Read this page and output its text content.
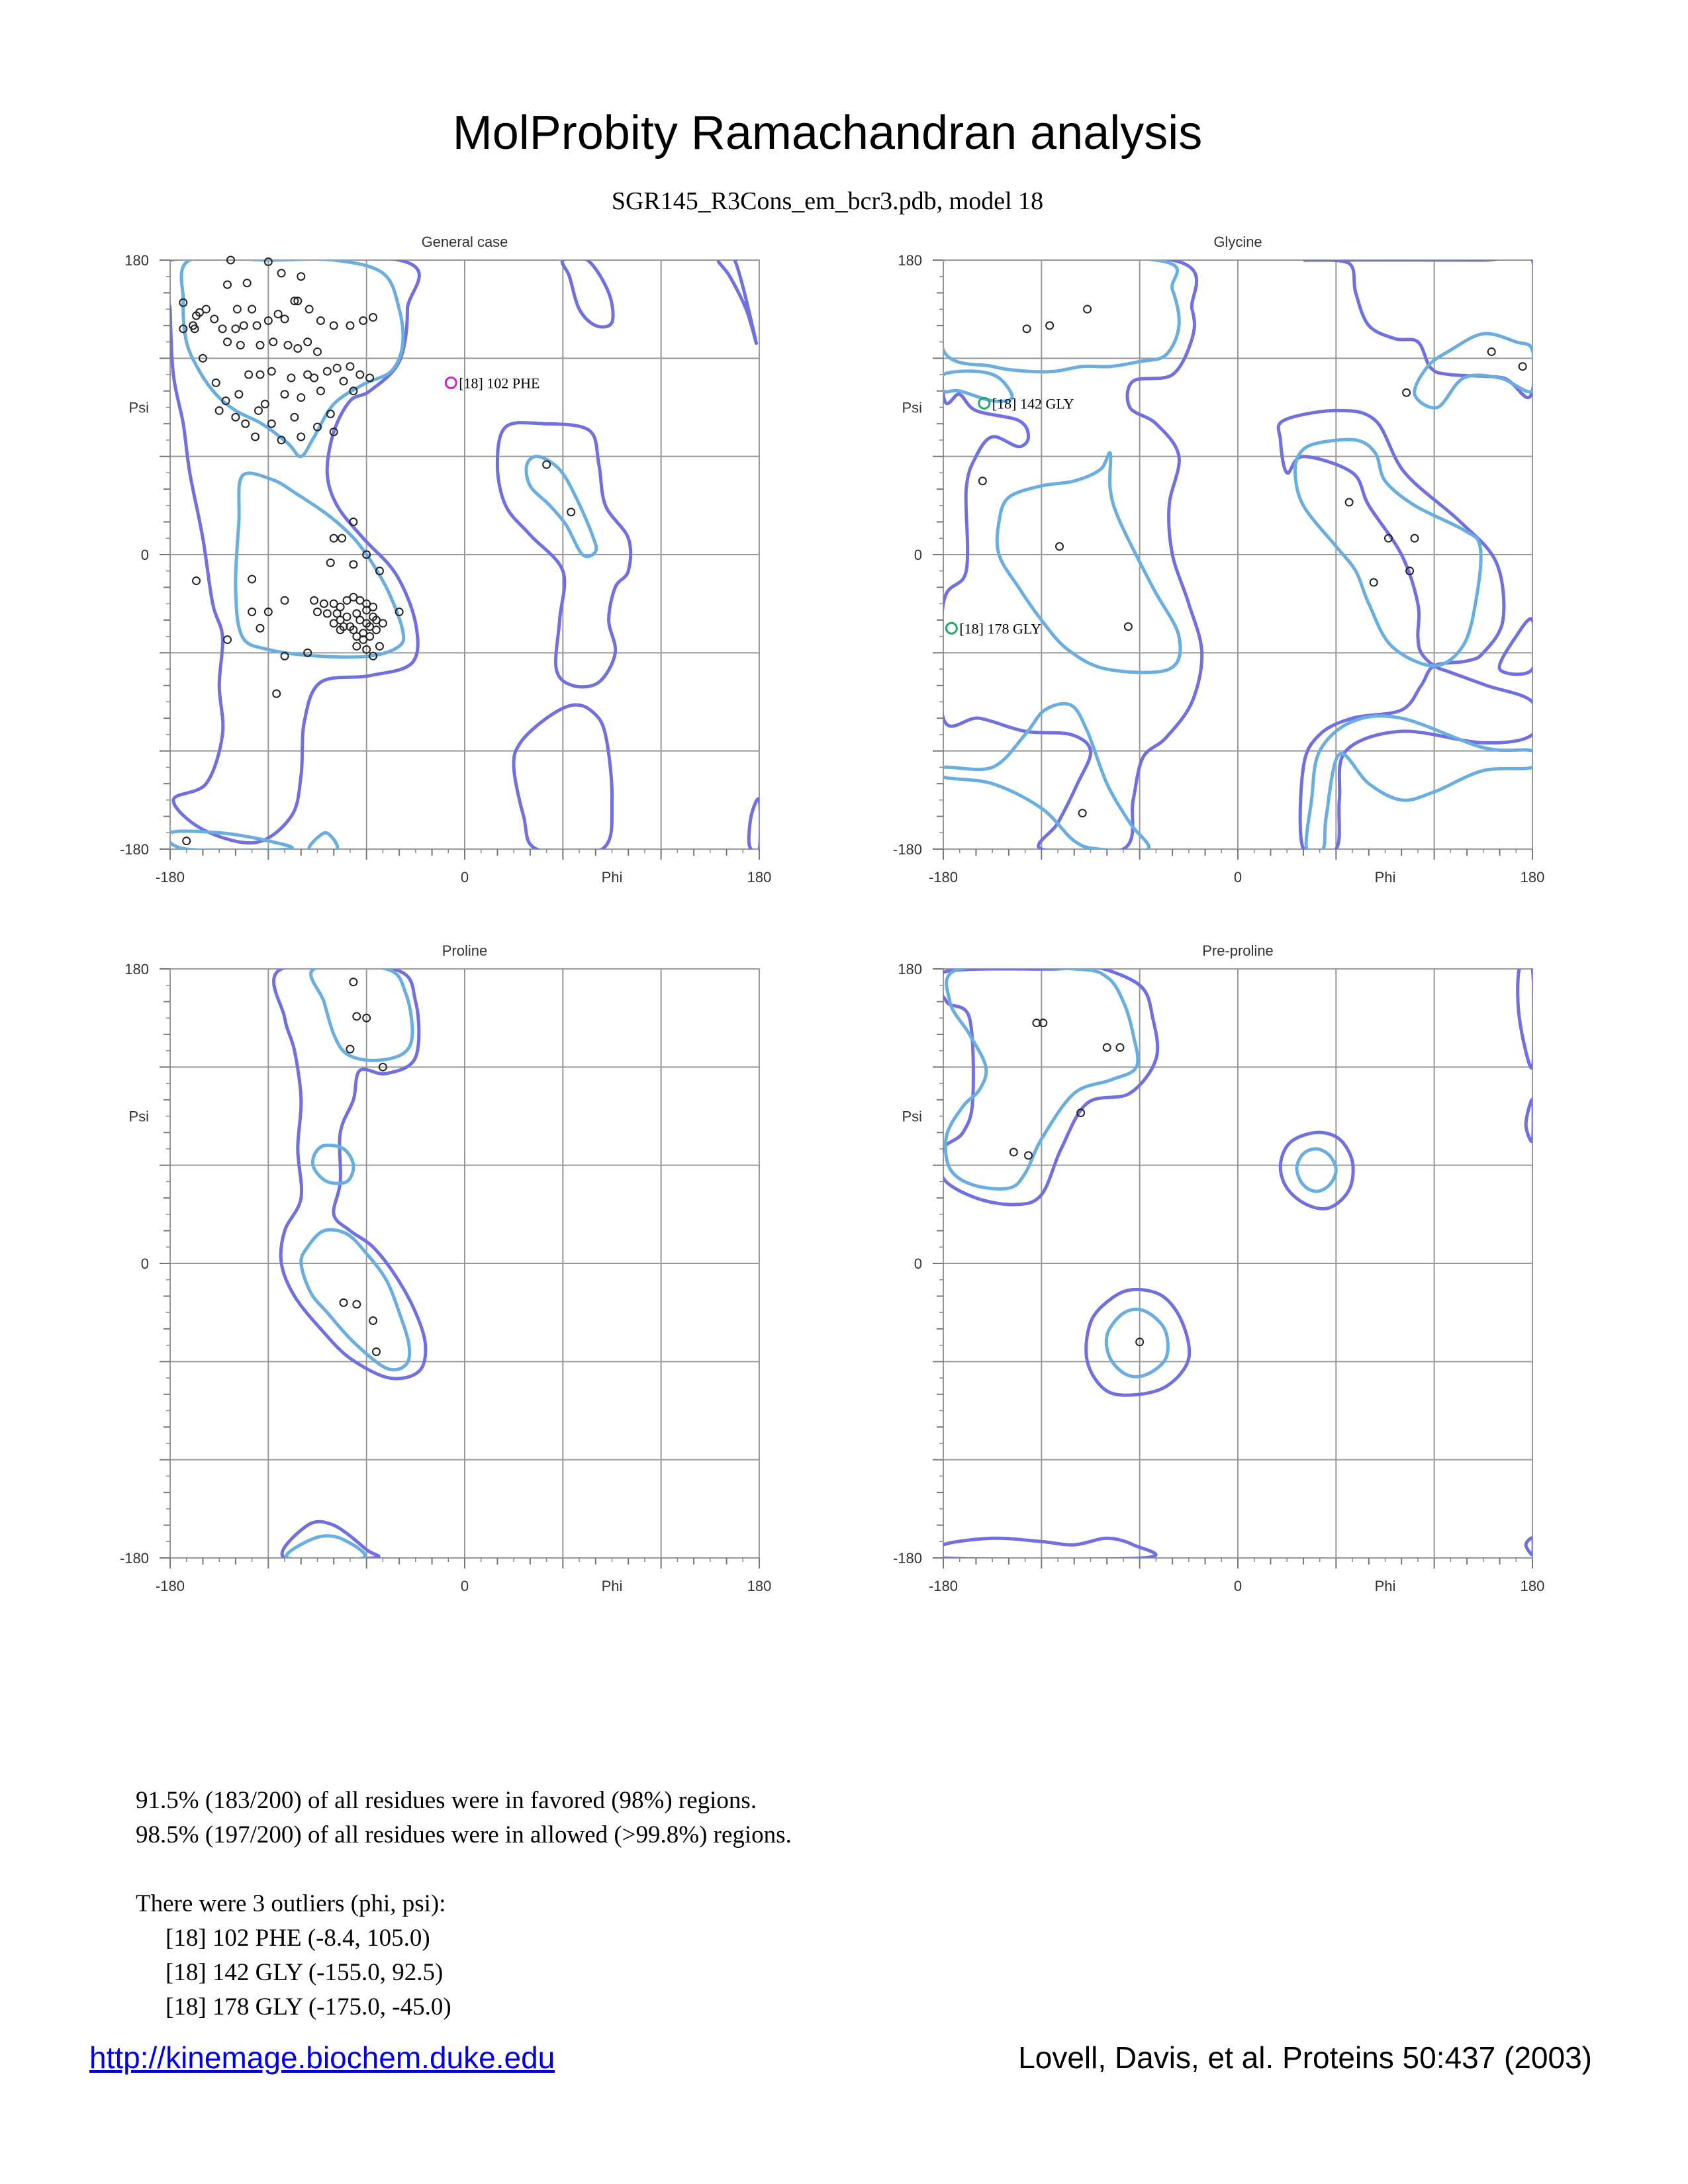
MolProbity Ramachandran analysis
SGR145_R3Cons_em_bcr3.pdb, model 18
General case
180
0
-180
Psi
-180	0	180
Phi
[18] 102 PHE
Glycine
180
0
-180
Psi
-180	0	180
Phi
[18] 142 GLY
[18] 178 GLY
Proline
180
0
-180
Psi
-180	0	180
Phi
Pre-proline
180
0
-180
Psi
-180	0	180
Phi

91.5% (183/200) of all residues were in favored (98%) regions.

98.5% (197/200) of all residues were in allowed (>99.8%) regions.

There were 3 outliers (phi, psi):

[18] 102 PHE (-8.4, 105.0)

[18] 142 GLY (-155.0, 92.5)

[18] 178 GLY (-175.0, -45.0)

http://kinemage.biochem.duke.edu	Lovell, Davis, et al. Proteins 50:437 (2003)
